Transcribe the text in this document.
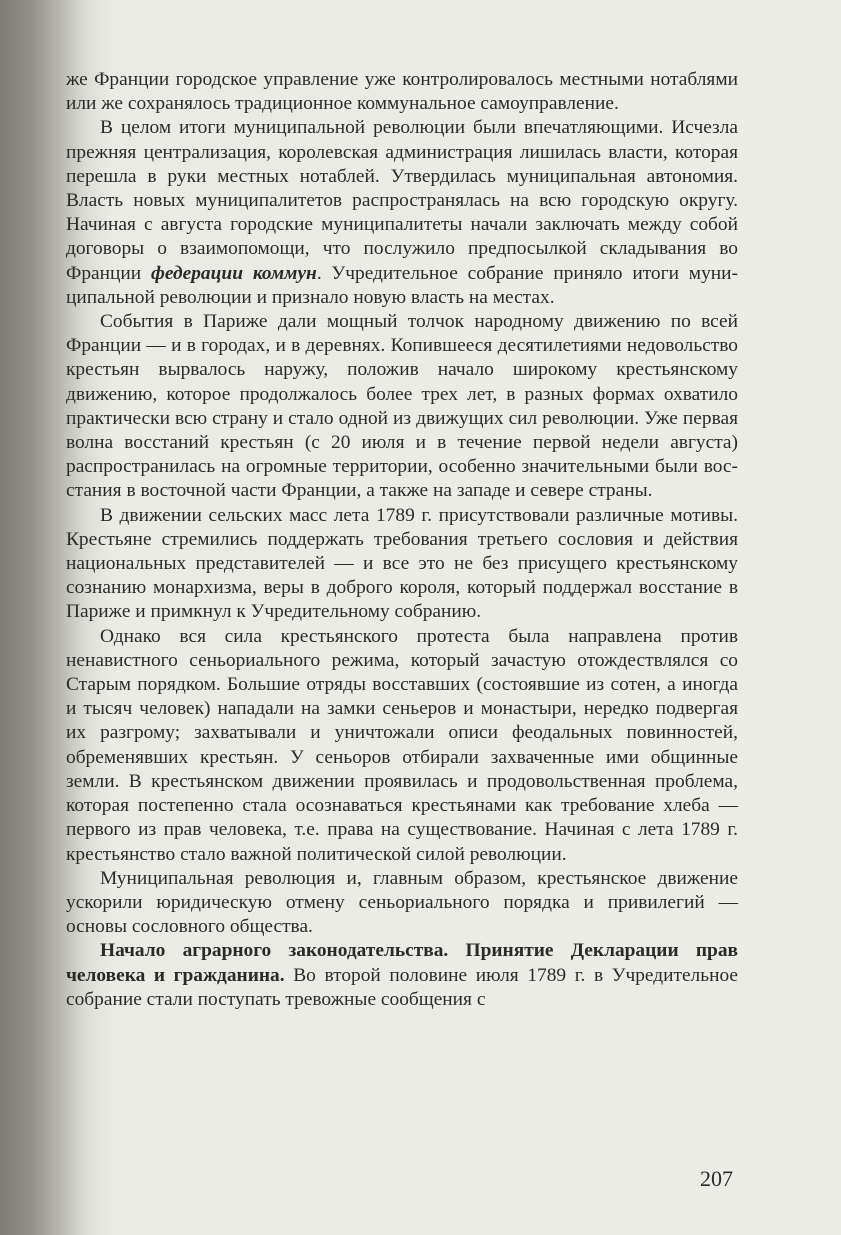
же Франции городское управление уже контролировалось местными нотаблями или же сохранялось традиционное коммунальное самоуправление.

В целом итоги муниципальной революции были впечатляющими. Исчезла прежняя централизация, королевская администрация лишилась власти, которая перешла в руки местных нотаблей. Утвердилась муниципальная автономия. Власть новых муниципалитетов распространялась на всю городскую округу. Начиная с августа городские муниципалитеты начали заключать между собой договоры о взаимопомощи, что послужило предпосылкой складывания во Франции федерации коммун. Учредительное собрание приняло итоги муниципальной революции и признало новую власть на местах.

События в Париже дали мощный толчок народному движению по всей Франции — и в городах, и в деревнях. Копившееся десятилетиями недовольство крестьян вырвалось наружу, положив начало широкому крестьянскому движению, которое продолжалось более трех лет, в разных формах охватило практически всю страну и стало одной из движущих сил революции. Уже первая волна восстаний крестьян (с 20 июля и в течение первой недели августа) распространилась на огромные территории, особенно значительными были восстания в восточной части Франции, а также на западе и севере страны.

В движении сельских масс лета 1789 г. присутствовали различные мотивы. Крестьяне стремились поддержать требования третьего сословия и действия национальных представителей — и все это не без присущего крестьянскому сознанию монархизма, веры в доброго короля, который поддержал восстание в Париже и примкнул к Учредительному собранию.

Однако вся сила крестьянского протеста была направлена против ненавистного сеньориального режима, который зачастую отождествлялся со Старым порядком. Большие отряды восставших (состоявшие из сотен, а иногда и тысяч человек) нападали на замки сеньеров и монастыри, нередко подвергая их разгрому; захватывали и уничтожали описи феодальных повинностей, обременявших крестьян. У сеньоров отбирали захваченные ими общинные земли. В крестьянском движении проявилась и продовольственная проблема, которая постепенно стала осознаваться крестьянами как требование хлеба — первого из прав человека, т.е. права на существование. Начиная с лета 1789 г. крестьянство стало важной политической силой революции.

Муниципальная революция и, главным образом, крестьянское движение ускорили юридическую отмену сеньориального порядка и привилегий — основы сословного общества.

Начало аграрного законодательства. Принятие Декларации прав человека и гражданина. Во второй половине июля 1789 г. в Учредительное собрание стали поступать тревожные сообщения с

207
